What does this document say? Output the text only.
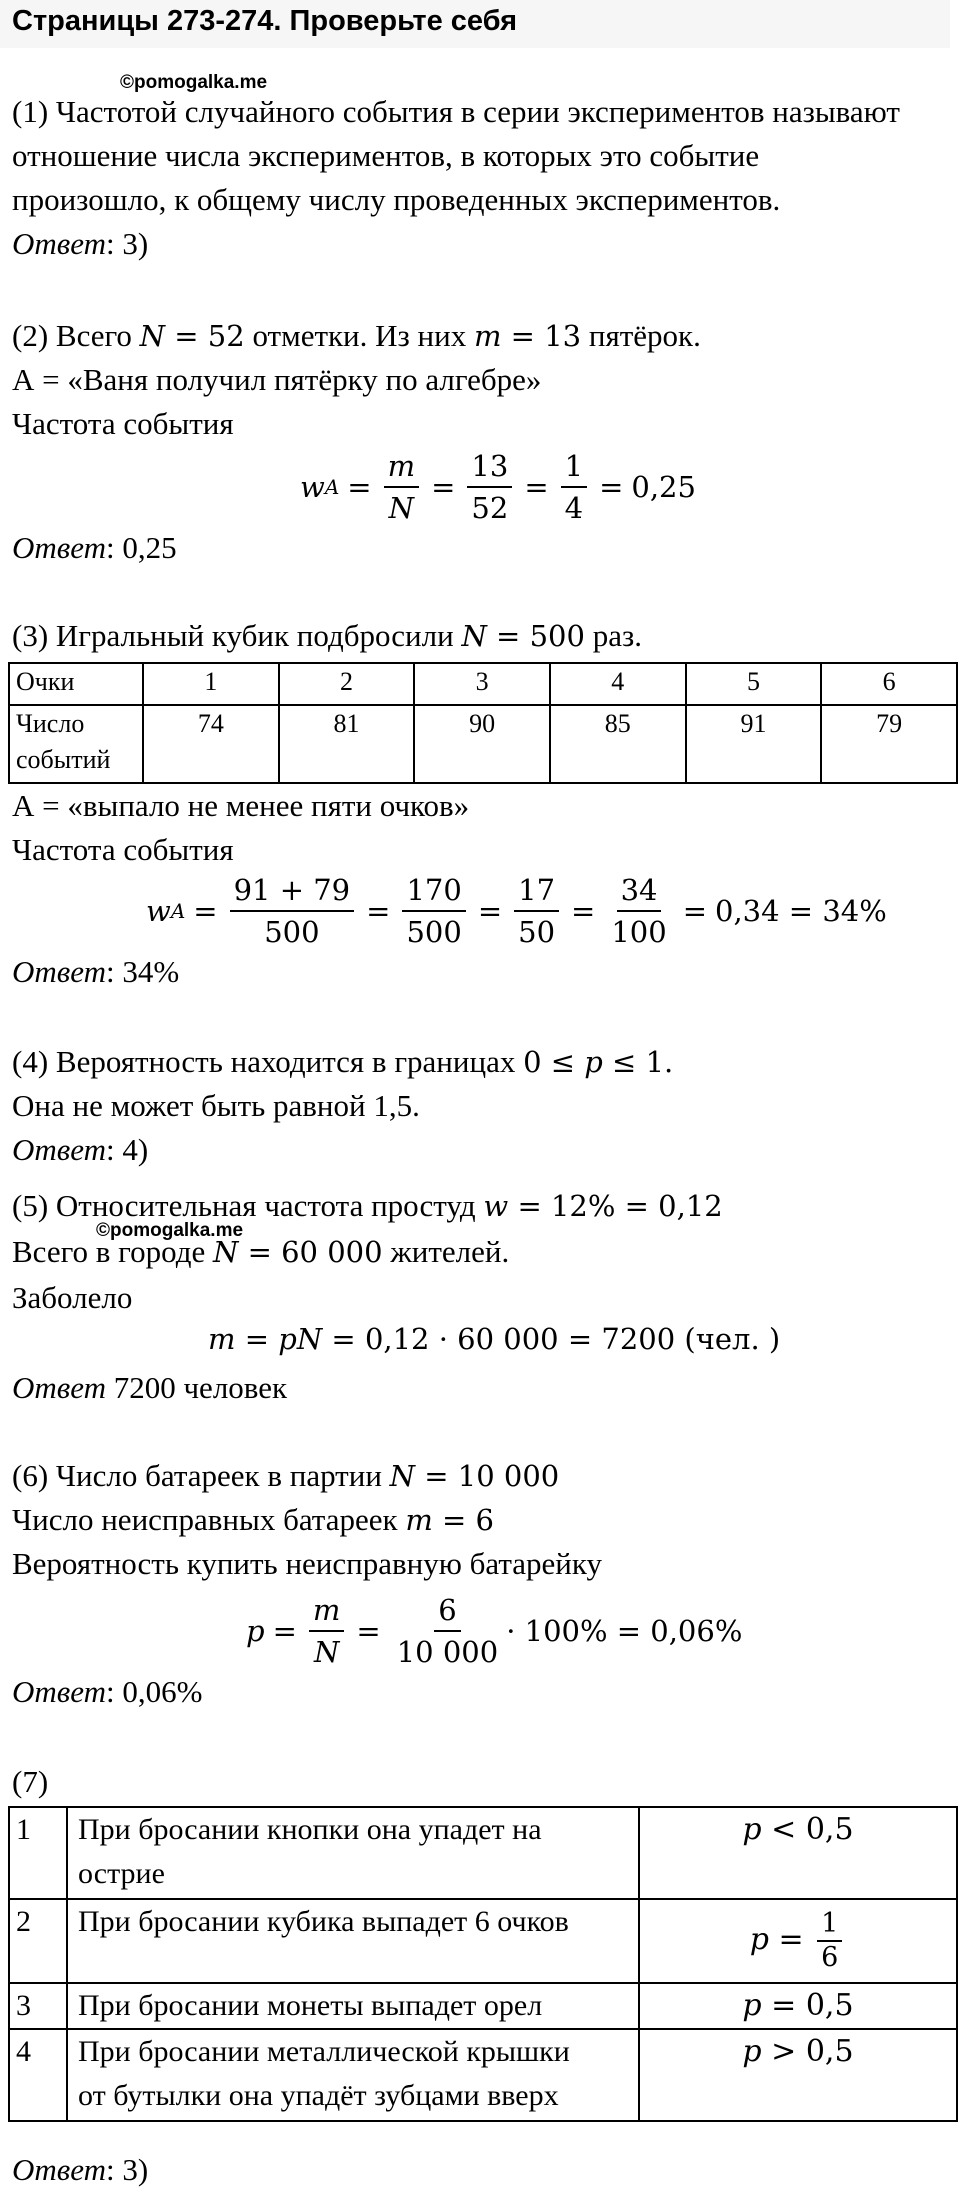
Страницы 273-274. Проверьте себя
©pomogalka.me
(1) Частотой случайного события в серии экспериментов называют
отношение числа экспериментов, в которых это событие
произошло, к общему числу проведенных экспериментов.
Ответ: 3)
(2) Всего N = 52 отметки. Из них m = 13 пятёрок.
А = «Ваня получил пятёрку по алгебре»
Частота события
w $A = \frac{m}{N} = \frac{13}{52} = \frac{1}{4} = 0,25$
Ответ: 0,25
(3) Игральный кубик подбросили N = 500 раз.
Очки	1	2	3	4	5	6

Число
событий	74	81	90	85	91	79
А = «выпало не менее пяти очков»
Частота события
w $A = \frac{91 + 79}{500} = \frac{170}{500} = \frac{17}{50} = \frac{34}{100} = 0,34 = 34\%$
Ответ: 34%
(4) Вероятность находится в границах 0 ≤ p ≤ 1.
Она не может быть равной 1,5.
Ответ: 4)
(5) Относительная частота простуд w = 12% = 0,12
©pomogalka.me
Всего в городе N = 60 000 жителей.
Заболело
m = pN = 0,12 · 60 000 = 7200 (чел. )
Ответ 7200 человек
(6) Число батареек в партии N = 10 000
Число неисправных батареек m = 6
Вероятность купить неисправную батарейку
$p = \frac{m}{N} = \frac{6}{10 000} \cdot 100\% = 0,06\%$
Ответ: 0,06%
(7)
1	При бросании кнопки она упадет на
острие	p < 0,5
2	При бросании кубика выпадет 6 очков	$p = \frac{1}{6}$

3	При бросании монеты выпадет орел	p = 0,5
4	При бросании металлической крышки
от бутылки она упадёт зубцами вверх	p > 0,5
Ответ: 3)
